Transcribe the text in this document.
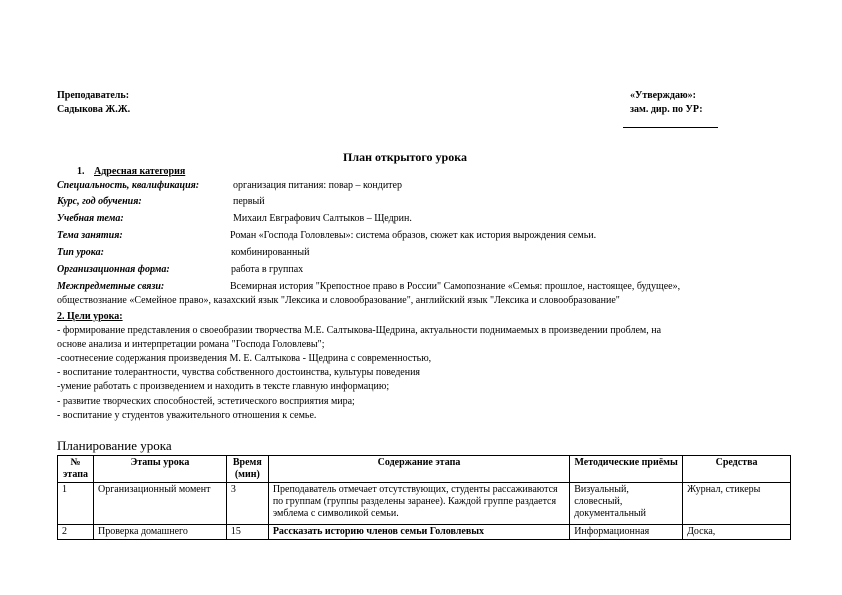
Преподаватель:
Садыкова Ж.Ж.
«Утверждаю»:
зам. дир. по УР:
План открытого урока
1. Адресная категория
Специальность, квалификация:	организация питания: повар – кондитер
Курс, год обучения:	первый
Учебная тема:	Михаил Евграфович Салтыков – Щедрин.
Тема занятия:	Роман «Господа Головлевы»: система образов, сюжет как история вырождения семьи.
Тип урока:	комбинированный
Организационная форма:	работа в группах
Межпредметные связи:	Всемирная история "Крепостное право в России" Самопознание «Семья: прошлое, настоящее, будущее»,
обществознание «Семейное право», казахский язык "Лексика и словообразование", английский язык "Лексика и словообразование"
2. Цели урока:
- формирование представления о своеобразии творчества М.Е. Салтыкова-Щедрина, актуальности поднимаемых в произведении проблем, на
основе анализа и интерпретации романа "Господа Головлевы";
-соотнесение содержания произведения М. Е. Салтыкова - Щедрина с современностью,
- воспитание толерантности, чувства собственного достоинства, культуры поведения
-умение работать с произведением и находить в тексте главную информацию;
- развитие творческих способностей, эстетического восприятия мира;
- воспитание у студентов уважительного отношения к семье.
Планирование урока
№ этапа	Этапы урока	Время (мин)	Содержание этапа	Методические приёмы	Средства
1	Организационный момент	3	Преподаватель отмечает отсутствующих, студенты рассаживаются по группам (группы разделены заранее). Каждой группе раздается эмблема с символикой семьи.	Визуальный, словесный, документальный	Журнал, стикеры
2	Проверка домашнего	15	Рассказать историю членов семьи Головлевых	Информационная	Доска,
